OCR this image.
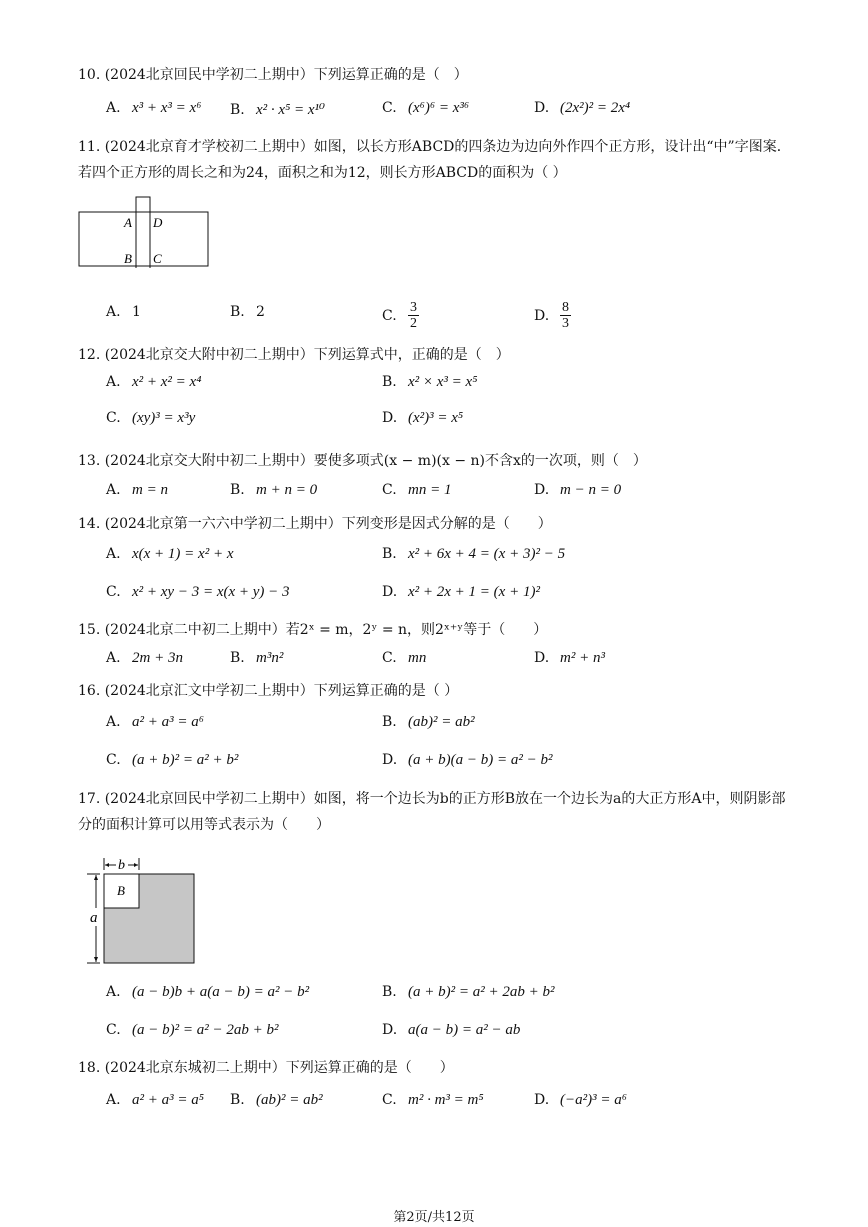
10. (2024北京回民中学初二上期中）下列运算正确的是（　）
A. x³ + x³ = x⁶ B. x² · x⁵ = x¹⁰	C. (x⁶)⁶ = x³⁶	D. (2x²)² = 2x⁴
11. (2024北京育才学校初二上期中）如图，以长方形ABCD的四条边为边向外作四个正方形，设计出“中”字图案．若四个正方形的周长之和为24，面积之和为12，则长方形ABCD的面积为（ ）
A D
B C
A. 1	B. 2	C. $\frac{3}{2}$	D. $\frac{8}{3}$
12. (2024北京交大附中初二上期中）下列运算式中，正确的是（　）
A. x² + x² = x⁴	B. x² × x³ = x⁵
C. (xy)³ = x³y	D. (x²)³ = x⁵
13. (2024北京交大附中初二上期中）要使多项式(x − m)(x − n)不含x的一次项，则（　）
A. m = n	B. m + n = 0	C. mn = 1	D. m − n = 0
14. (2024北京第一六六中学初二上期中）下列变形是因式分解的是（　　）
A. x(x + 1) = x² + x	B. x² + 6x + 4 = (x + 3)² − 5
C. x² + xy − 3 = x(x + y) − 3	D. x² + 2x + 1 = (x + 1)²
15. (2024北京二中初二上期中）若2ˣ = m，2ʸ = n，则2ˣ⁺ʸ等于（　　）
A. 2m + 3n	B. m³n²	C. mn	D. m² + n³
16. (2024北京汇文中学初二上期中）下列运算正确的是（ ）
A. a² + a³ = a⁶	B. (ab)² = ab²
C. (a + b)² = a² + b²	D. (a + b)(a − b) = a² − b²
17. (2024北京回民中学初二上期中）如图，将一个边长为b的正方形B放在一个边长为a的大正方形A中，则阴影部分的面积计算可以用等式表示为（　　）
b
B
a
A. (a − b)b + a(a − b) = a² − b²	B. (a + b)² = a² + 2ab + b²
C. (a − b)² = a² − 2ab + b²	D. a(a − b) = a² − ab
18. (2024北京东城初二上期中）下列运算正确的是（　　）
A. a² + a³ = a⁵ B. (ab)² = ab²	C. m² · m³ = m⁵	D. (−a²)³ = a⁶
第2页/共12页
